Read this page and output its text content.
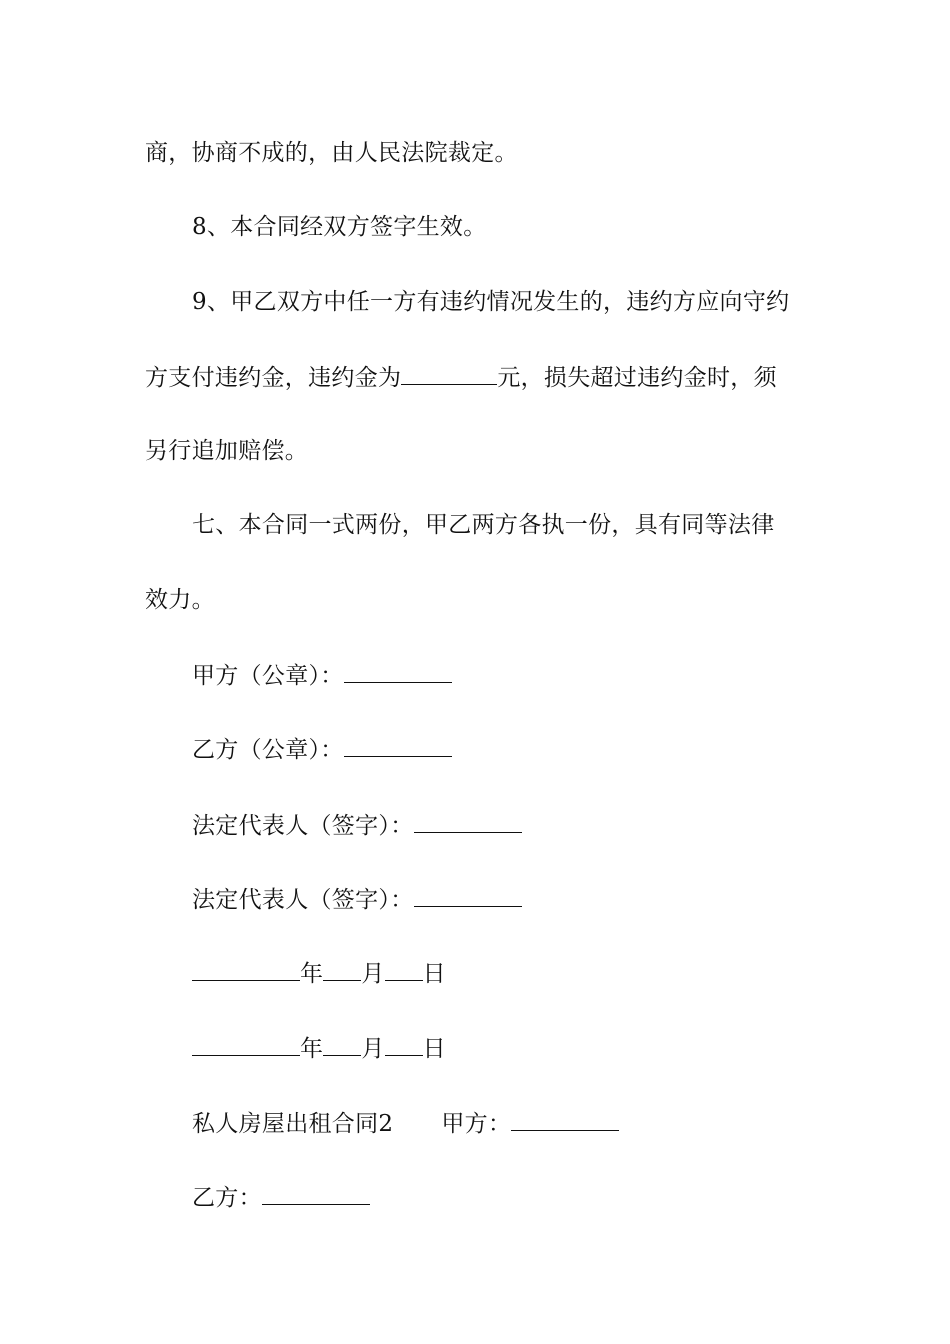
商，协商不成的，由人民法院裁定。
8、本合同经双方签字生效。
9、甲乙双方中任一方有违约情况发生的，违约方应向守约
方支付违约金，违约金为	元，损失超过违约金时，须
另行追加赔偿。
七、本合同一式两份，甲乙两方各执一份，具有同等法律
效力。
甲方（公章）：
乙方（公章）：
法定代表人（签字）：
法定代表人（签字）：
年 月 日
年 月 日
私人房屋出租合同2 甲方：
乙方：
